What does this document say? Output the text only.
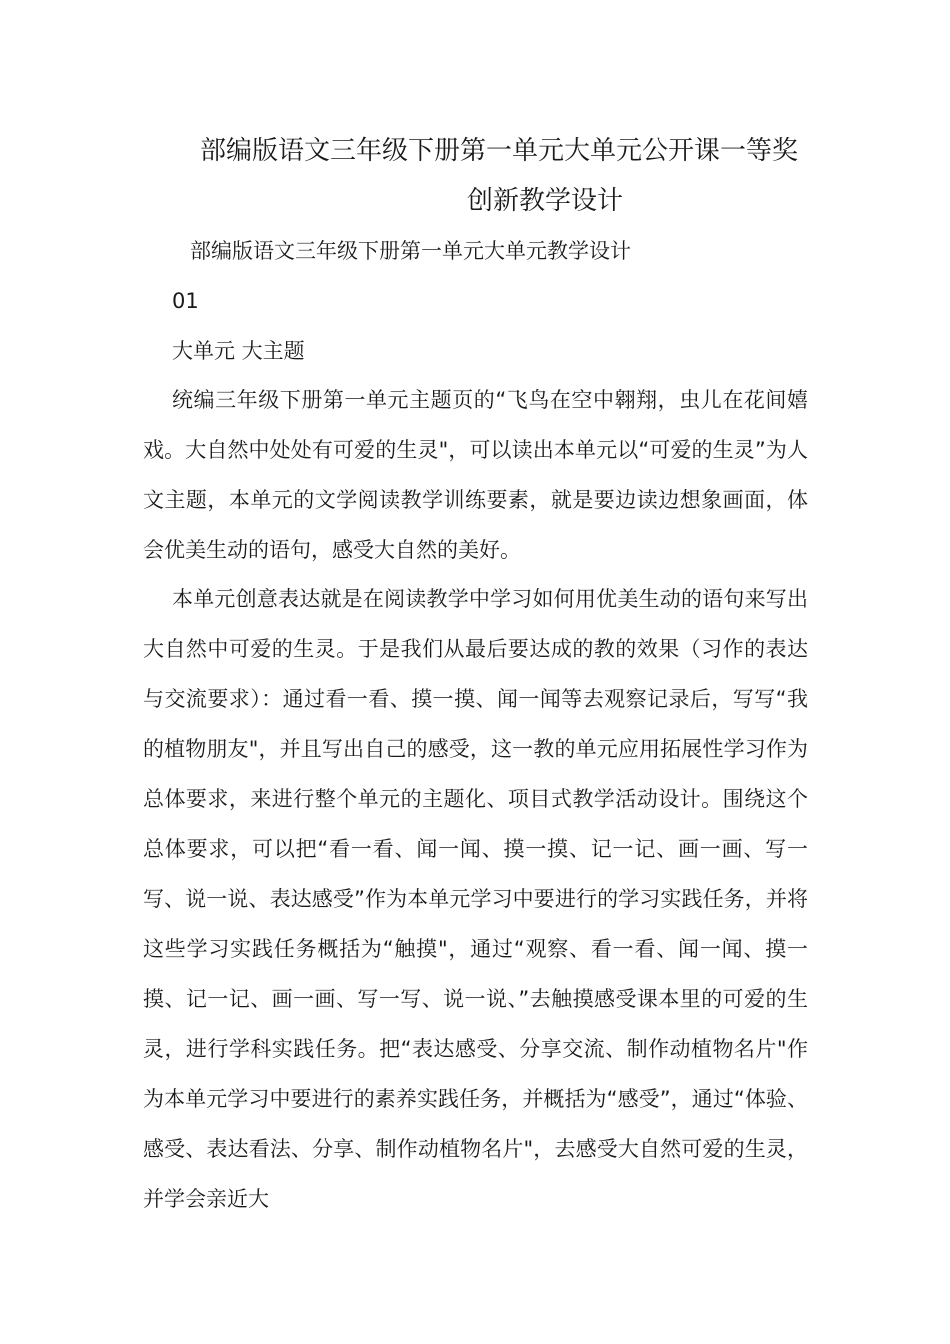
部编版语文三年级下册第一单元大单元公开课一等奖
创新教学设计
部编版语文三年级下册第一单元大单元教学设计
01
大单元 大主题

统编三年级下册第一单元主题页的“飞鸟在空中翱翔，虫儿在花间嬉戏。大自然中处处有可爱的生灵"，可以读出本单元以“可爱的生灵”为人文主题，本单元的文学阅读教学训练要素，就是要边读边想象画面，体会优美生动的语句，感受大自然的美好。

本单元创意表达就是在阅读教学中学习如何用优美生动的语句来写出大自然中可爱的生灵。于是我们从最后要达成的教的效果（习作的表达与交流要求）：通过看一看、摸一摸、闻一闻等去观察记录后，写写“我的植物朋友"，并且写出自己的感受，这一教的单元应用拓展性学习作为总体要求，来进行整个单元的主题化、项目式教学活动设计。围绕这个总体要求，可以把“看一看、闻一闻、摸一摸、记一记、画一画、写一写、说一说、表达感受”作为本单元学习中要进行的学习实践任务，并将这些学习实践任务概括为“触摸"，通过“观察、看一看、闻一闻、摸一摸、记一记、画一画、写一写、说一说、”去触摸感受课本里的可爱的生灵，进行学科实践任务。把“表达感受、分享交流、制作动植物名片"作为本单元学习中要进行的素养实践任务，并概括为“感受”，通过“体验、感受、表达看法、分享、制作动植物名片"，去感受大自然可爱的生灵，并学会亲近大
